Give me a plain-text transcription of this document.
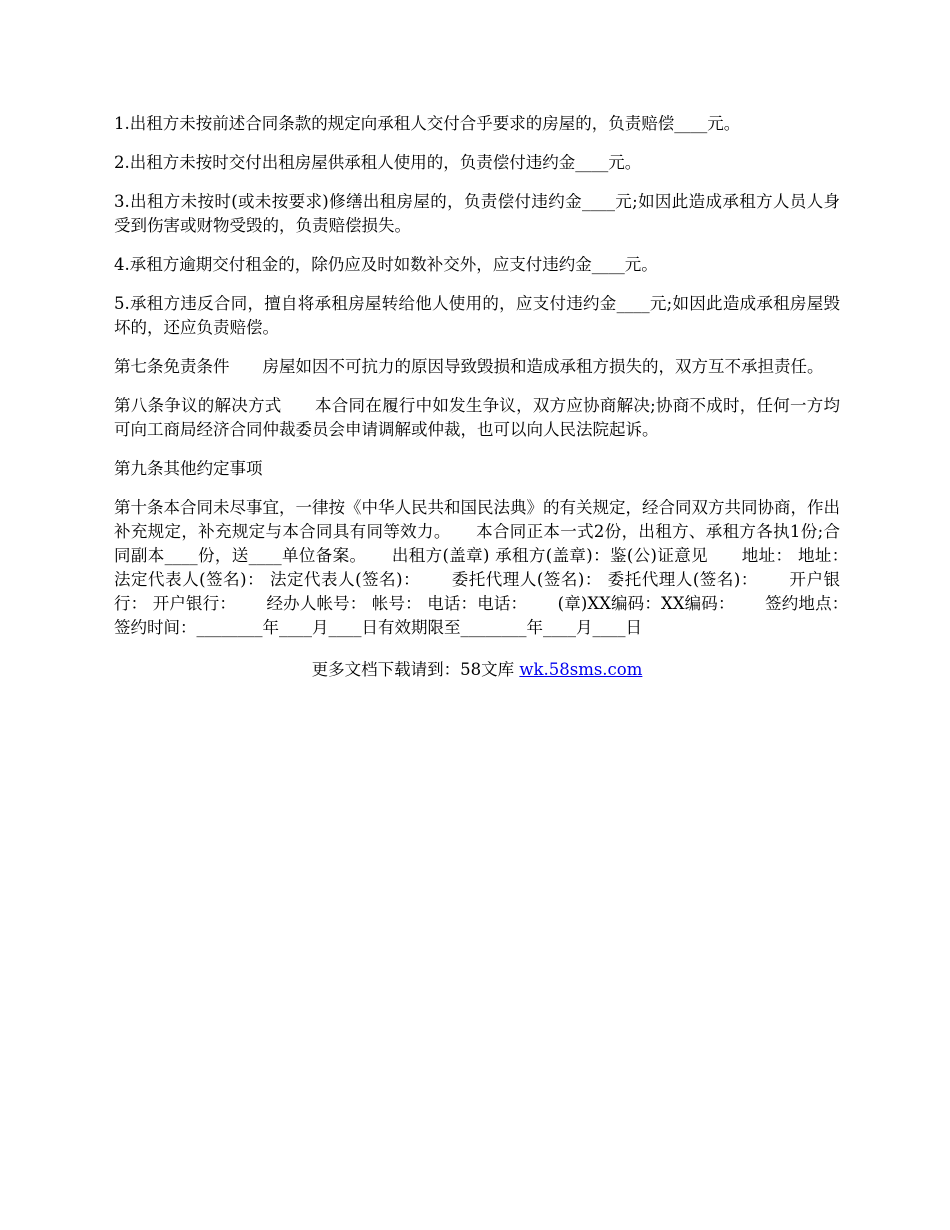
1.出租方未按前述合同条款的规定向承租人交付合乎要求的房屋的，负责赔偿____元。

2.出租方未按时交付出租房屋供承租人使用的，负责偿付违约金____元。

3.出租方未按时(或未按要求)修缮出租房屋的，负责偿付违约金____元;如因此造成承租方人员人身受到伤害或财物受毁的，负责赔偿损失。

4.承租方逾期交付租金的，除仍应及时如数补交外，应支付违约金____元。

5.承租方违反合同，擅自将承租房屋转给他人使用的，应支付违约金____元;如因此造成承租房屋毁坏的，还应负责赔偿。

第七条免责条件　　房屋如因不可抗力的原因导致毁损和造成承租方损失的，双方互不承担责任。

第八条争议的解决方式　　本合同在履行中如发生争议，双方应协商解决;协商不成时，任何一方均可向工商局经济合同仲裁委员会申请调解或仲裁，也可以向人民法院起诉。

第九条其他约定事项

第十条本合同未尽事宜，一律按《中华人民共和国民法典》的有关规定，经合同双方共同协商，作出补充规定，补充规定与本合同具有同等效力。　　本合同正本一式2份，出租方、承租方各执1份;合同副本____份，送____单位备案。　　出租方(盖章) 承租方(盖章)：鉴(公)证意见　　地址： 地址：　　 法定代表人(签名)： 法定代表人(签名)：　　 委托代理人(签名)： 委托代理人(签名)：　　 开户银行： 开户银行：　　 经办人帐号： 帐号： 电话：电话：　　 (章)XX编码：XX编码：　　 签约地点：　　 签约时间：________年____月____日有效期限至________年____月____日

更多文档下载请到：58文库 wk.58sms.com
